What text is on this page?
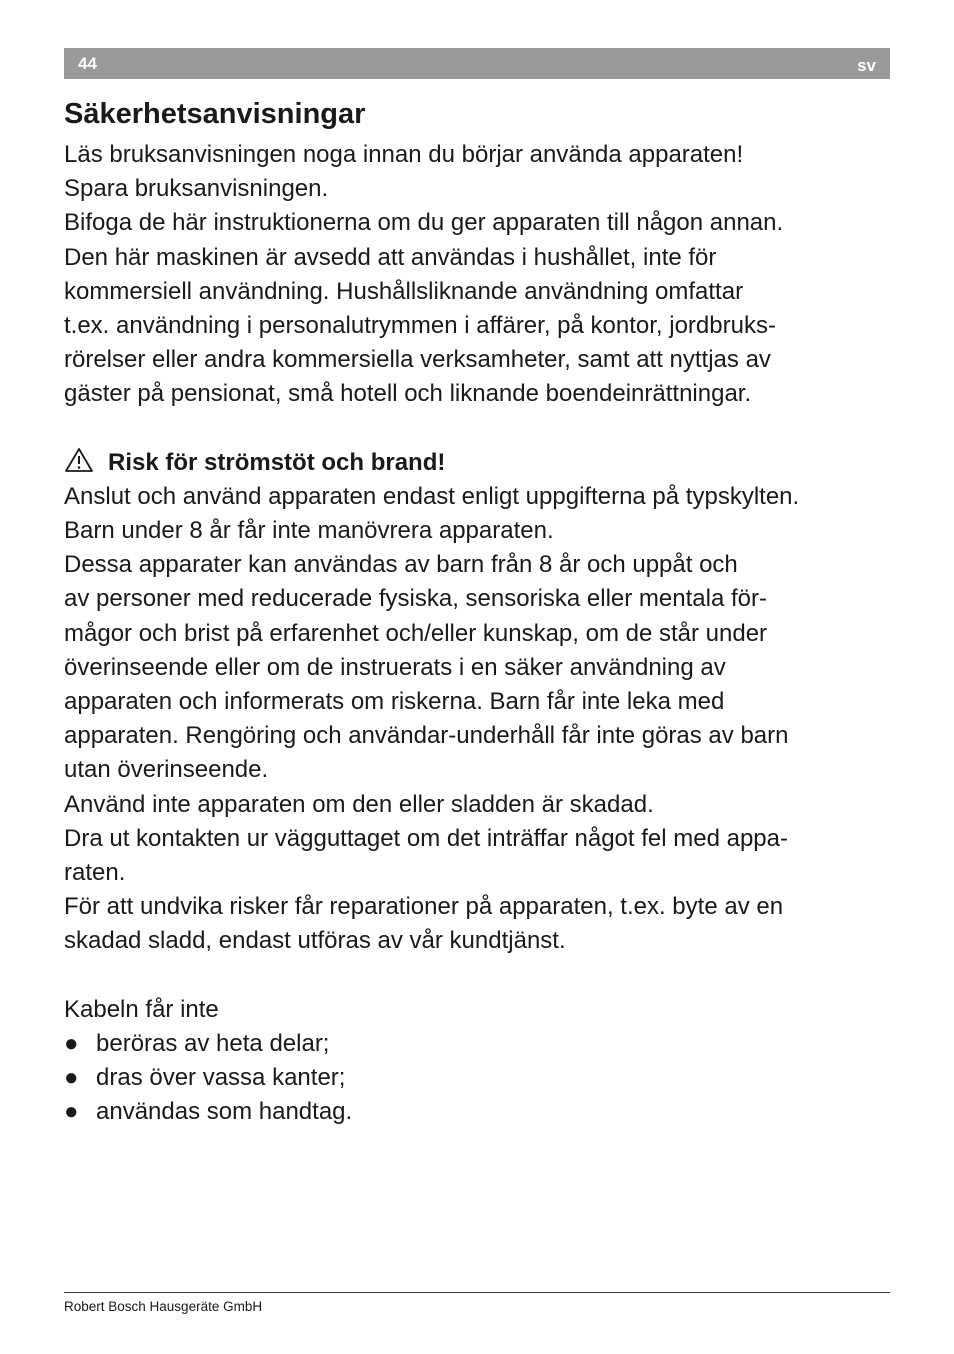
44	sv
Säkerhetsanvisningar
Läs bruksanvisningen noga innan du börjar använda apparaten!
Spara bruksanvisningen.
Bifoga de här instruktionerna om du ger apparaten till någon annan.
Den här maskinen är avsedd att användas i hushållet, inte för
kommersiell användning. Hushållsliknande användning omfattar
t.ex. användning i personalutrymmen i affärer, på kontor, jordbruks-
rörelser eller andra kommersiella verksamheter, samt att nyttjas av
gäster på pensionat, små hotell och liknande boendeinrättningar.
Risk för strömstöt och brand!
Anslut och använd apparaten endast enligt uppgifterna på typskylten.
Barn under 8 år får inte manövrera apparaten.
Dessa apparater kan användas av barn från 8 år och uppåt och
av personer med reducerade fysiska, sensoriska eller mentala för-
mågor och brist på erfarenhet och/eller kunskap, om de står under
överinseende eller om de instruerats i en säker användning av
apparaten och informerats om riskerna. Barn får inte leka med
apparaten. Rengöring och användar-underhåll får inte göras av barn
utan överinseende.
Använd inte apparaten om den eller sladden är skadad.
Dra ut kontakten ur vägguttaget om det inträffar något fel med appa-
raten.
För att undvika risker får reparationer på apparaten, t.ex. byte av en
skadad sladd, endast utföras av vår kundtjänst.
Kabeln får inte
● beröras av heta delar;
● dras över vassa kanter;
● användas som handtag.
Robert Bosch Hausgeräte GmbH
